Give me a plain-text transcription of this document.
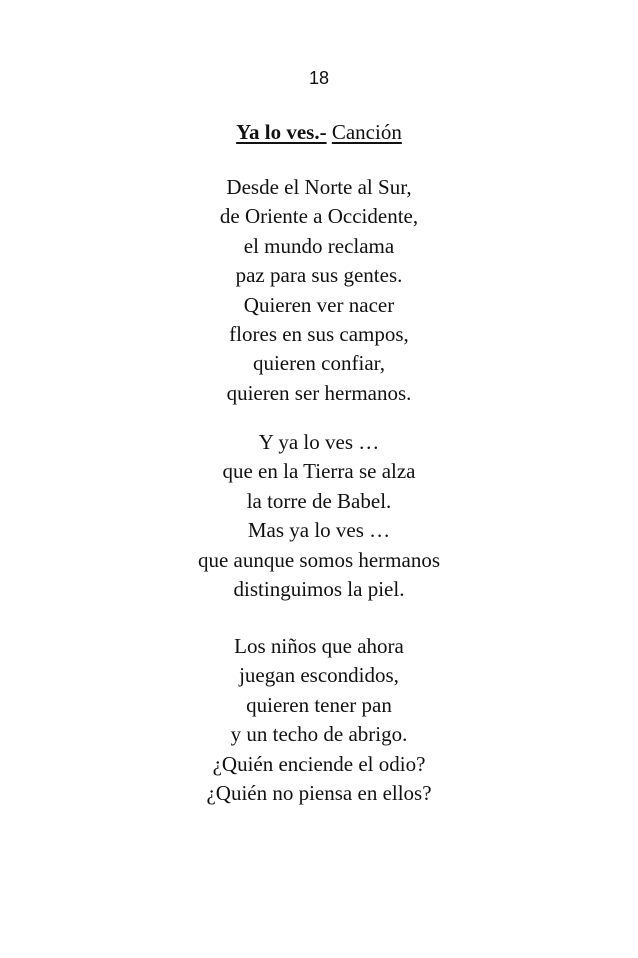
18
Ya lo ves.- Canción
Desde el Norte al Sur,
de Oriente a Occidente,
el mundo reclama
paz para sus gentes.
Quieren ver nacer
flores en sus campos,
quieren confiar,
quieren ser hermanos.
Y ya lo ves …
que en la Tierra se alza
la torre de Babel.
Mas ya lo ves …
que aunque somos hermanos
distinguimos la piel.
Los niños que ahora
juegan escondidos,
quieren tener pan
y un techo de abrigo.
¿Quién enciende el odio?
¿Quién no piensa en ellos?
